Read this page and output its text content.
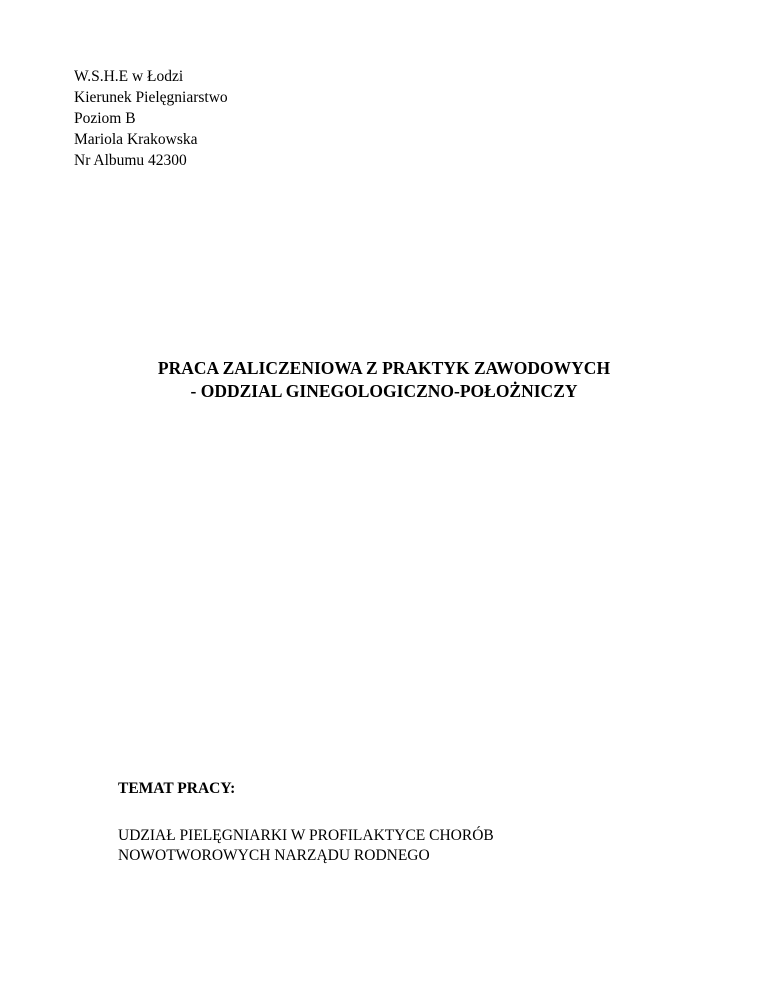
W.S.H.E w Łodzi
Kierunek Pielęgniarstwo
Poziom B
Mariola Krakowska
Nr Albumu 42300
PRACA ZALICZENIOWA Z PRAKTYK ZAWODOWYCH
- ODDZIAL GINEGOLOGICZNO-POŁOŻNICZY
TEMAT PRACY:
UDZIAŁ PIELĘGNIARKI W PROFILAKTYCE CHORÓB
NOWOTWOROWYCH NARZĄDU RODNEGO
